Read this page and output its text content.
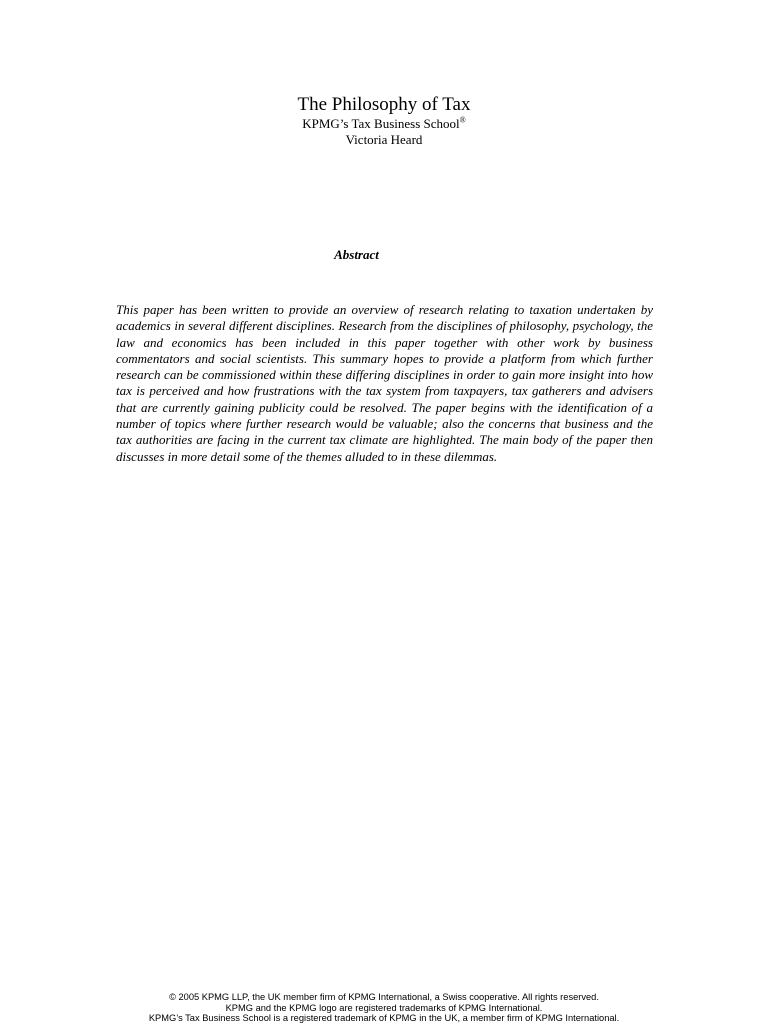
The Philosophy of Tax

KPMG’s Tax Business School®

Victoria Heard

Abstract

This paper has been written to provide an overview of research relating to taxation undertaken by academics in several different disciplines. Research from the disciplines of philosophy, psychology, the law and economics has been included in this paper together with other work by business commentators and social scientists. This summary hopes to provide a platform from which further research can be commissioned within these differing disciplines in order to gain more insight into how tax is perceived and how frustrations with the tax system from taxpayers, tax gatherers and advisers that are currently gaining publicity could be resolved. The paper begins with the identification of a number of topics where further research would be valuable; also the concerns that business and the tax authorities are facing in the current tax climate are highlighted. The main body of the paper then discusses in more detail some of the themes alluded to in these dilemmas.

© 2005 KPMG LLP, the UK member firm of KPMG International, a Swiss cooperative. All rights reserved.

KPMG and the KPMG logo are registered trademarks of KPMG International.

KPMG’s Tax Business School is a registered trademark of KPMG in the UK, a member firm of KPMG International.
